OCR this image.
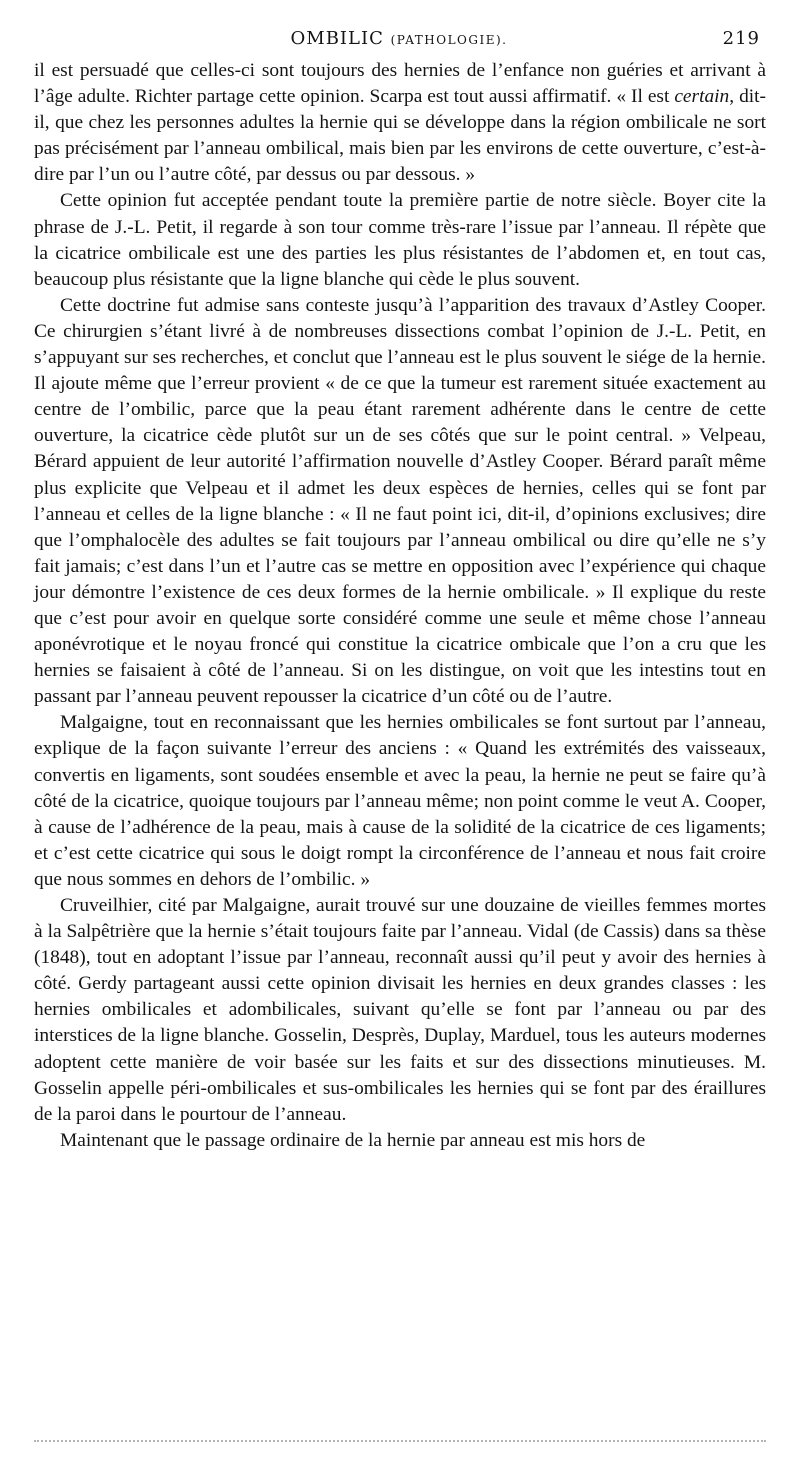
OMBILIC (PATHOLOGIE).	219

il est persuadé que celles-ci sont toujours des hernies de l’enfance non guéries et arrivant à l’âge adulte. Richter partage cette opinion. Scarpa est tout aussi affirmatif. « Il est certain, dit-il, que chez les personnes adultes la hernie qui se développe dans la région ombilicale ne sort pas précisément par l’anneau ombilical, mais bien par les environs de cette ouverture, c’est-à-dire par l’un ou l’autre côté, par dessus ou par dessous. »

Cette opinion fut acceptée pendant toute la première partie de notre siècle. Boyer cite la phrase de J.-L. Petit, il regarde à son tour comme très-rare l’issue par l’anneau. Il répète que la cicatrice ombilicale est une des parties les plus résistantes de l’abdomen et, en tout cas, beaucoup plus résistante que la ligne blanche qui cède le plus souvent.

Cette doctrine fut admise sans conteste jusqu’à l’apparition des travaux d’Astley Cooper. Ce chirurgien s’étant livré à de nombreuses dissections combat l’opinion de J.-L. Petit, en s’appuyant sur ses recherches, et conclut que l’anneau est le plus souvent le siége de la hernie. Il ajoute même que l’erreur provient « de ce que la tumeur est rarement située exactement au centre de l’ombilic, parce que la peau étant rarement adhérente dans le centre de cette ouverture, la cicatrice cède plutôt sur un de ses côtés que sur le point central. » Velpeau, Bérard appuient de leur autorité l’affirmation nouvelle d’Astley Cooper. Bérard paraît même plus explicite que Velpeau et il admet les deux espèces de hernies, celles qui se font par l’anneau et celles de la ligne blanche : « Il ne faut point ici, dit-il, d’opinions exclusives; dire que l’omphalocèle des adultes se fait toujours par l’anneau ombilical ou dire qu’elle ne s’y fait jamais; c’est dans l’un et l’autre cas se mettre en opposition avec l’expérience qui chaque jour démontre l’existence de ces deux formes de la hernie ombilicale. » Il explique du reste que c’est pour avoir en quelque sorte considéré comme une seule et même chose l’anneau aponévrotique et le noyau froncé qui constitue la cicatrice ombicale que l’on a cru que les hernies se faisaient à côté de l’anneau. Si on les distingue, on voit que les intestins tout en passant par l’anneau peuvent repousser la cicatrice d’un côté ou de l’autre.

Malgaigne, tout en reconnaissant que les hernies ombilicales se font surtout par l’anneau, explique de la façon suivante l’erreur des anciens : « Quand les extrémités des vaisseaux, convertis en ligaments, sont soudées ensemble et avec la peau, la hernie ne peut se faire qu’à côté de la cicatrice, quoique toujours par l’anneau même; non point comme le veut A. Cooper, à cause de l’adhérence de la peau, mais à cause de la solidité de la cicatrice de ces ligaments; et c’est cette cicatrice qui sous le doigt rompt la circonférence de l’anneau et nous fait croire que nous sommes en dehors de l’ombilic. »

Cruveilhier, cité par Malgaigne, aurait trouvé sur une douzaine de vieilles femmes mortes à la Salpêtrière que la hernie s’était toujours faite par l’anneau. Vidal (de Cassis) dans sa thèse (1848), tout en adoptant l’issue par l’anneau, reconnaît aussi qu’il peut y avoir des hernies à côté. Gerdy partageant aussi cette opinion divisait les hernies en deux grandes classes : les hernies ombilicales et adombilicales, suivant qu’elle se font par l’anneau ou par des interstices de la ligne blanche. Gosselin, Desprès, Duplay, Marduel, tous les auteurs modernes adoptent cette manière de voir basée sur les faits et sur des dissections minutieuses. M. Gosselin appelle péri-ombilicales et sus-ombilicales les hernies qui se font par des éraillures de la paroi dans le pourtour de l’anneau.

Maintenant que le passage ordinaire de la hernie par anneau est mis hors de
